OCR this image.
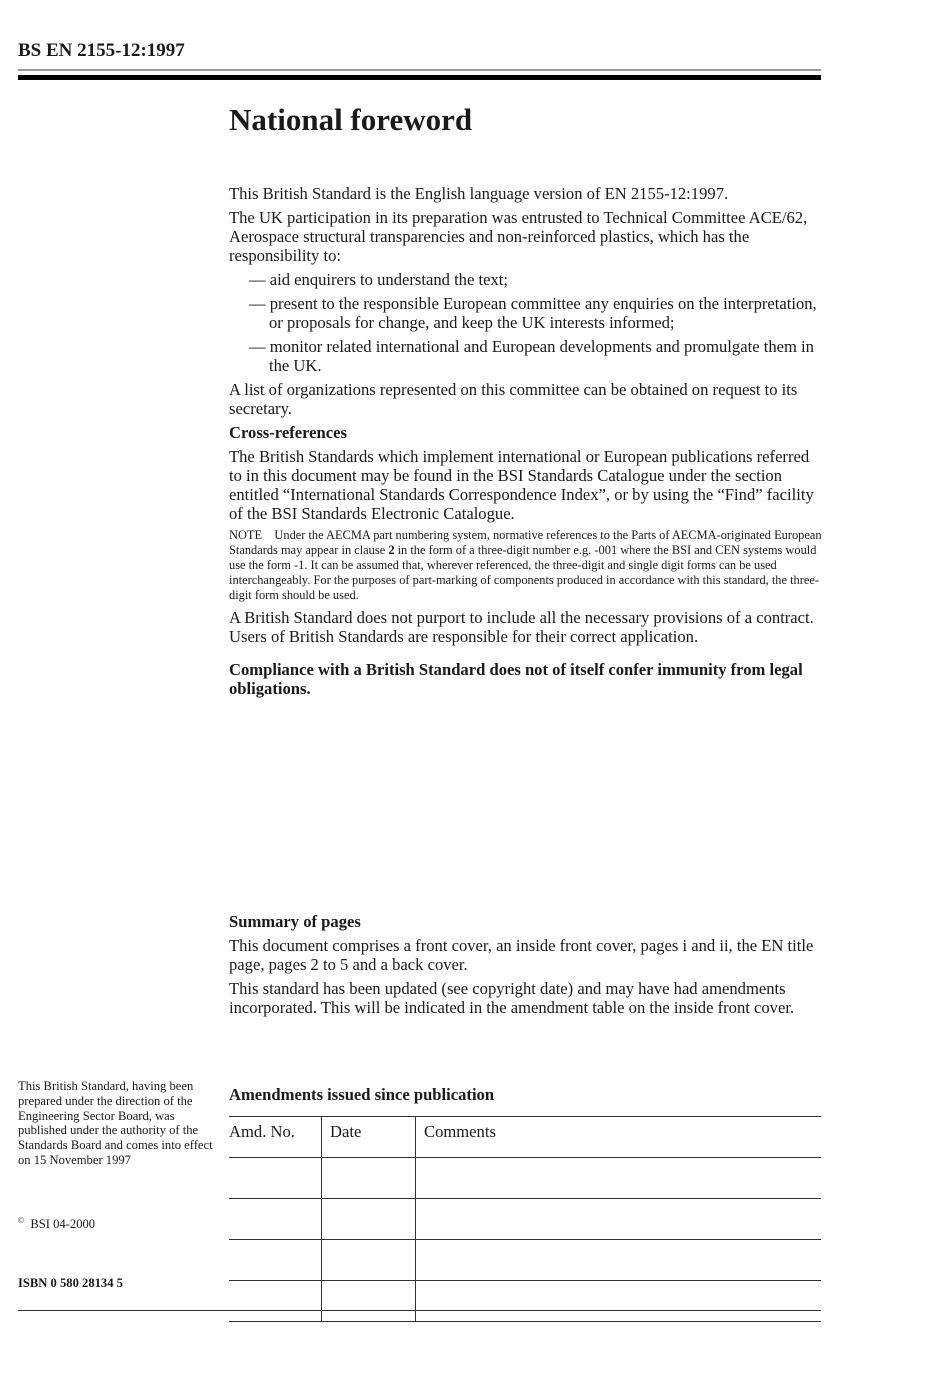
BS EN 2155-12:1997
National foreword

This British Standard is the English language version of EN 2155-12:1997.

The UK participation in its preparation was entrusted to Technical Committee ACE/62, Aerospace structural transparencies and non-reinforced plastics, which has the responsibility to:

— aid enquirers to understand the text;

— present to the responsible European committee any enquiries on the interpretation, or proposals for change, and keep the UK interests informed;

— monitor related international and European developments and promulgate them in the UK.

A list of organizations represented on this committee can be obtained on request to its secretary.

Cross-references

The British Standards which implement international or European publications referred to in this document may be found in the BSI Standards Catalogue under the section entitled “International Standards Correspondence Index”, or by using the “Find” facility of the BSI Standards Electronic Catalogue.

NOTE Under the AECMA part numbering system, normative references to the Parts of AECMA-originated European Standards may appear in clause 2 in the form of a three-digit number e.g. -001 where the BSI and CEN systems would use the form -1. It can be assumed that, wherever referenced, the three-digit and single digit forms can be used interchangeably. For the purposes of part-marking of components produced in accordance with this standard, the three-digit form should be used.

A British Standard does not purport to include all the necessary provisions of a contract. Users of British Standards are responsible for their correct application.

Compliance with a British Standard does not of itself confer immunity from legal obligations.

Summary of pages

This document comprises a front cover, an inside front cover, pages i and ii, the EN title page, pages 2 to 5 and a back cover.

This standard has been updated (see copyright date) and may have had amendments incorporated. This will be indicated in the amendment table on the inside front cover.

This British Standard, having been prepared under the direction of the Engineering Sector Board, was published under the authority of the Standards Board and comes into effect on 15 November 1997
© BSI 04-2000
ISBN 0 580 28134 5
Amendments issued since publication
Amd. No.	Date	Comments
